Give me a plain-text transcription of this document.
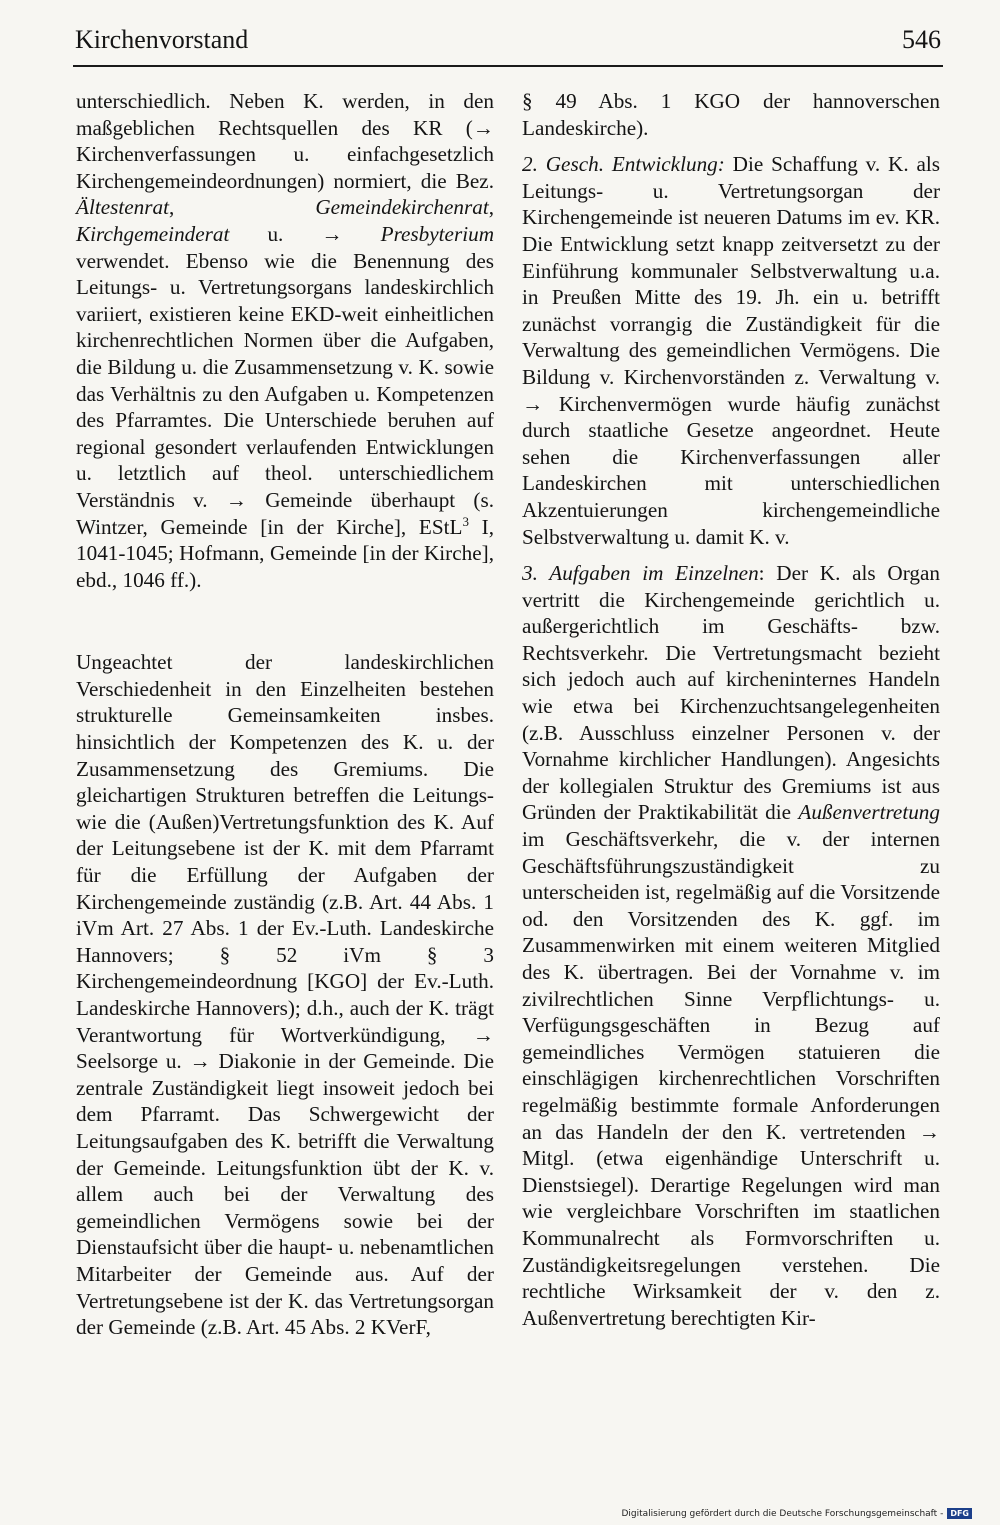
Kirchenvorstand	546

unterschiedlich. Neben K. werden, in den maßgeblichen Rechtsquellen des KR (→ Kirchenverfassungen u. einfachgesetzlich Kirchengemeindeordnungen) normiert, die Bez. Ältestenrat, Gemeindekirchenrat, Kirchgemeinderat u. → Presbyterium verwendet. Ebenso wie die Benennung des Leitungs- u. Vertretungsorgans landeskirchlich variiert, existieren keine EKD-weit einheitlichen kirchenrechtlichen Normen über die Aufgaben, die Bildung u. die Zusammensetzung v. K. sowie das Verhältnis zu den Aufgaben u. Kompetenzen des Pfarramtes. Die Unterschiede beruhen auf regional gesondert verlaufenden Entwicklungen u. letztlich auf theol. unterschiedlichem Verständnis v. → Gemeinde überhaupt (s. Wintzer, Gemeinde [in der Kirche], EStL$^3$ I, 1041-1045; Hofmann, Gemeinde [in der Kirche], ebd., 1046 ff.).

Ungeachtet der landeskirchlichen Verschiedenheit in den Einzelheiten bestehen strukturelle Gemeinsamkeiten insbes. hinsichtlich der Kompetenzen des K. u. der Zusammensetzung des Gremiums. Die gleichartigen Strukturen betreffen die Leitungs- wie die (Außen)Vertretungsfunktion des K. Auf der Leitungsebene ist der K. mit dem Pfarramt für die Erfüllung der Aufgaben der Kirchengemeinde zuständig (z.B. Art. 44 Abs. 1 iVm Art. 27 Abs. 1 der Ev.-Luth. Landeskirche Hannovers; § 52 iVm § 3 Kirchengemeindeordnung [KGO] der Ev.-Luth. Landeskirche Hannovers); d.h., auch der K. trägt Verantwortung für Wortverkündigung, → Seelsorge u. → Diakonie in der Gemeinde. Die zentrale Zuständigkeit liegt insoweit jedoch bei dem Pfarramt. Das Schwergewicht der Leitungsaufgaben des K. betrifft die Verwaltung der Gemeinde. Leitungsfunktion übt der K. v. allem auch bei der Verwaltung des gemeindlichen Vermögens sowie bei der Dienstaufsicht über die haupt- u. nebenamtlichen Mitarbeiter der Gemeinde aus. Auf der Vertretungsebene ist der K. das Vertretungsorgan der Gemeinde (z.B. Art. 45 Abs. 2 KVerF,

§ 49 Abs. 1 KGO der hannoverschen Landeskirche).

2. Gesch. Entwicklung: Die Schaffung v. K. als Leitungs- u. Vertretungsorgan der Kirchengemeinde ist neueren Datums im ev. KR. Die Entwicklung setzt knapp zeitversetzt zu der Einführung kommunaler Selbstverwaltung u.a. in Preußen Mitte des 19. Jh. ein u. betrifft zunächst vorrangig die Zuständigkeit für die Verwaltung des gemeindlichen Vermögens. Die Bildung v. Kirchenvorständen z. Verwaltung v. → Kirchenvermögen wurde häufig zunächst durch staatliche Gesetze angeordnet. Heute sehen die Kirchenverfassungen aller Landeskirchen mit unterschiedlichen Akzentuierungen kirchengemeindliche Selbstverwaltung u. damit K. v.

3. Aufgaben im Einzelnen: Der K. als Organ vertritt die Kirchengemeinde gerichtlich u. außergerichtlich im Geschäfts- bzw. Rechtsverkehr. Die Vertretungsmacht bezieht sich jedoch auch auf kircheninternes Handeln wie etwa bei Kirchenzuchtsangelegenheiten (z.B. Ausschluss einzelner Personen v. der Vornahme kirchlicher Handlungen). Angesichts der kollegialen Struktur des Gremiums ist aus Gründen der Praktikabilität die Außenvertretung im Geschäftsverkehr, die v. der internen Geschäftsführungszuständigkeit zu unterscheiden ist, regelmäßig auf die Vorsitzende od. den Vorsitzenden des K. ggf. im Zusammenwirken mit einem weiteren Mitglied des K. übertragen. Bei der Vornahme v. im zivilrechtlichen Sinne Verpflichtungs- u. Verfügungsgeschäften in Bezug auf gemeindliches Vermögen statuieren die einschlägigen kirchenrechtlichen Vorschriften regelmäßig bestimmte formale Anforderungen an das Handeln der den K. vertretenden → Mitgl. (etwa eigenhändige Unterschrift u. Dienstsiegel). Derartige Regelungen wird man wie vergleichbare Vorschriften im staatlichen Kommunalrecht als Formvorschriften u. Zuständigkeitsregelungen verstehen. Die rechtliche Wirksamkeit der v. den z. Außenvertretung berechtigten Kir-

Digitalisierung gefördert durch die Deutsche Forschungsgemeinschaft - DFG
